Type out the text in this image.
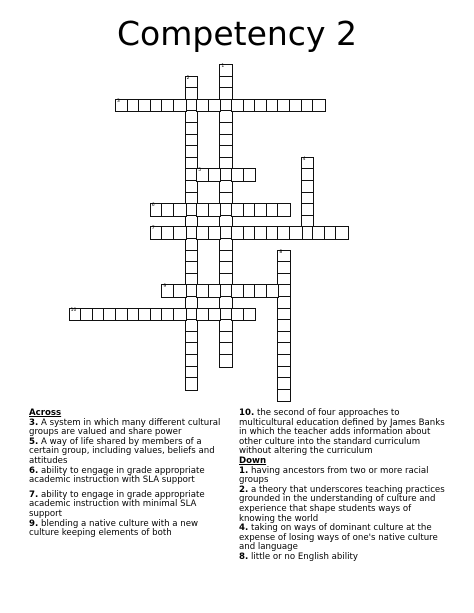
Competency 2
1
2
3
4
5
6
7
8
9
10
Across

3. A system in which many different cultural groups are valued and share power

5. A way of life shared by members of a certain group, including values, beliefs and attitudes

6. ability to engage in grade appropriate academic instruction with SLA support

7. ability to engage in grade appropriate academic instruction with minimal SLA support

9. blending a native culture with a new culture keeping elements of both

10. the second of four approaches to multicultural education defined by James Banks in which the teacher adds information about other culture into the standard curriculum without altering the curriculum

Down

1. having ancestors from two or more racial groups

2. a theory that underscores teaching practices grounded in the understanding of culture and experience that shape students ways of knowing the world

4. taking on ways of dominant culture at the expense of losing ways of one's native culture and language

8. little or no English ability
